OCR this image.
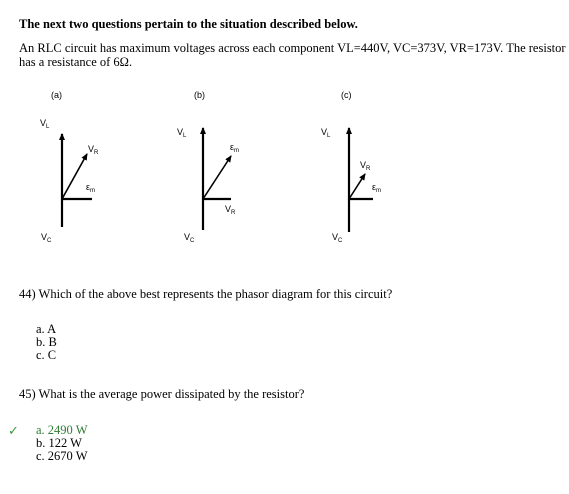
The next two questions pertain to the situation described below.
An RLC circuit has maximum voltages across each component VL=440V, VC=373V, VR=173V. The resistor
has a resistance of 6Ω.
(a)	(b)	(c)
$V_L$
$V_R$
$\varepsilon_m$
$V_C$
$V_L$
$\varepsilon_m$
$V_R$
$V_C$
$V_L$
$V_R$
$\varepsilon_m$
$V_C$
44) Which of the above best represents the phasor diagram for this circuit?
a. A
b. B
c. C
45) What is the average power dissipated by the resistor?
✓ a. 2490 W
b. 122 W
c. 2670 W
